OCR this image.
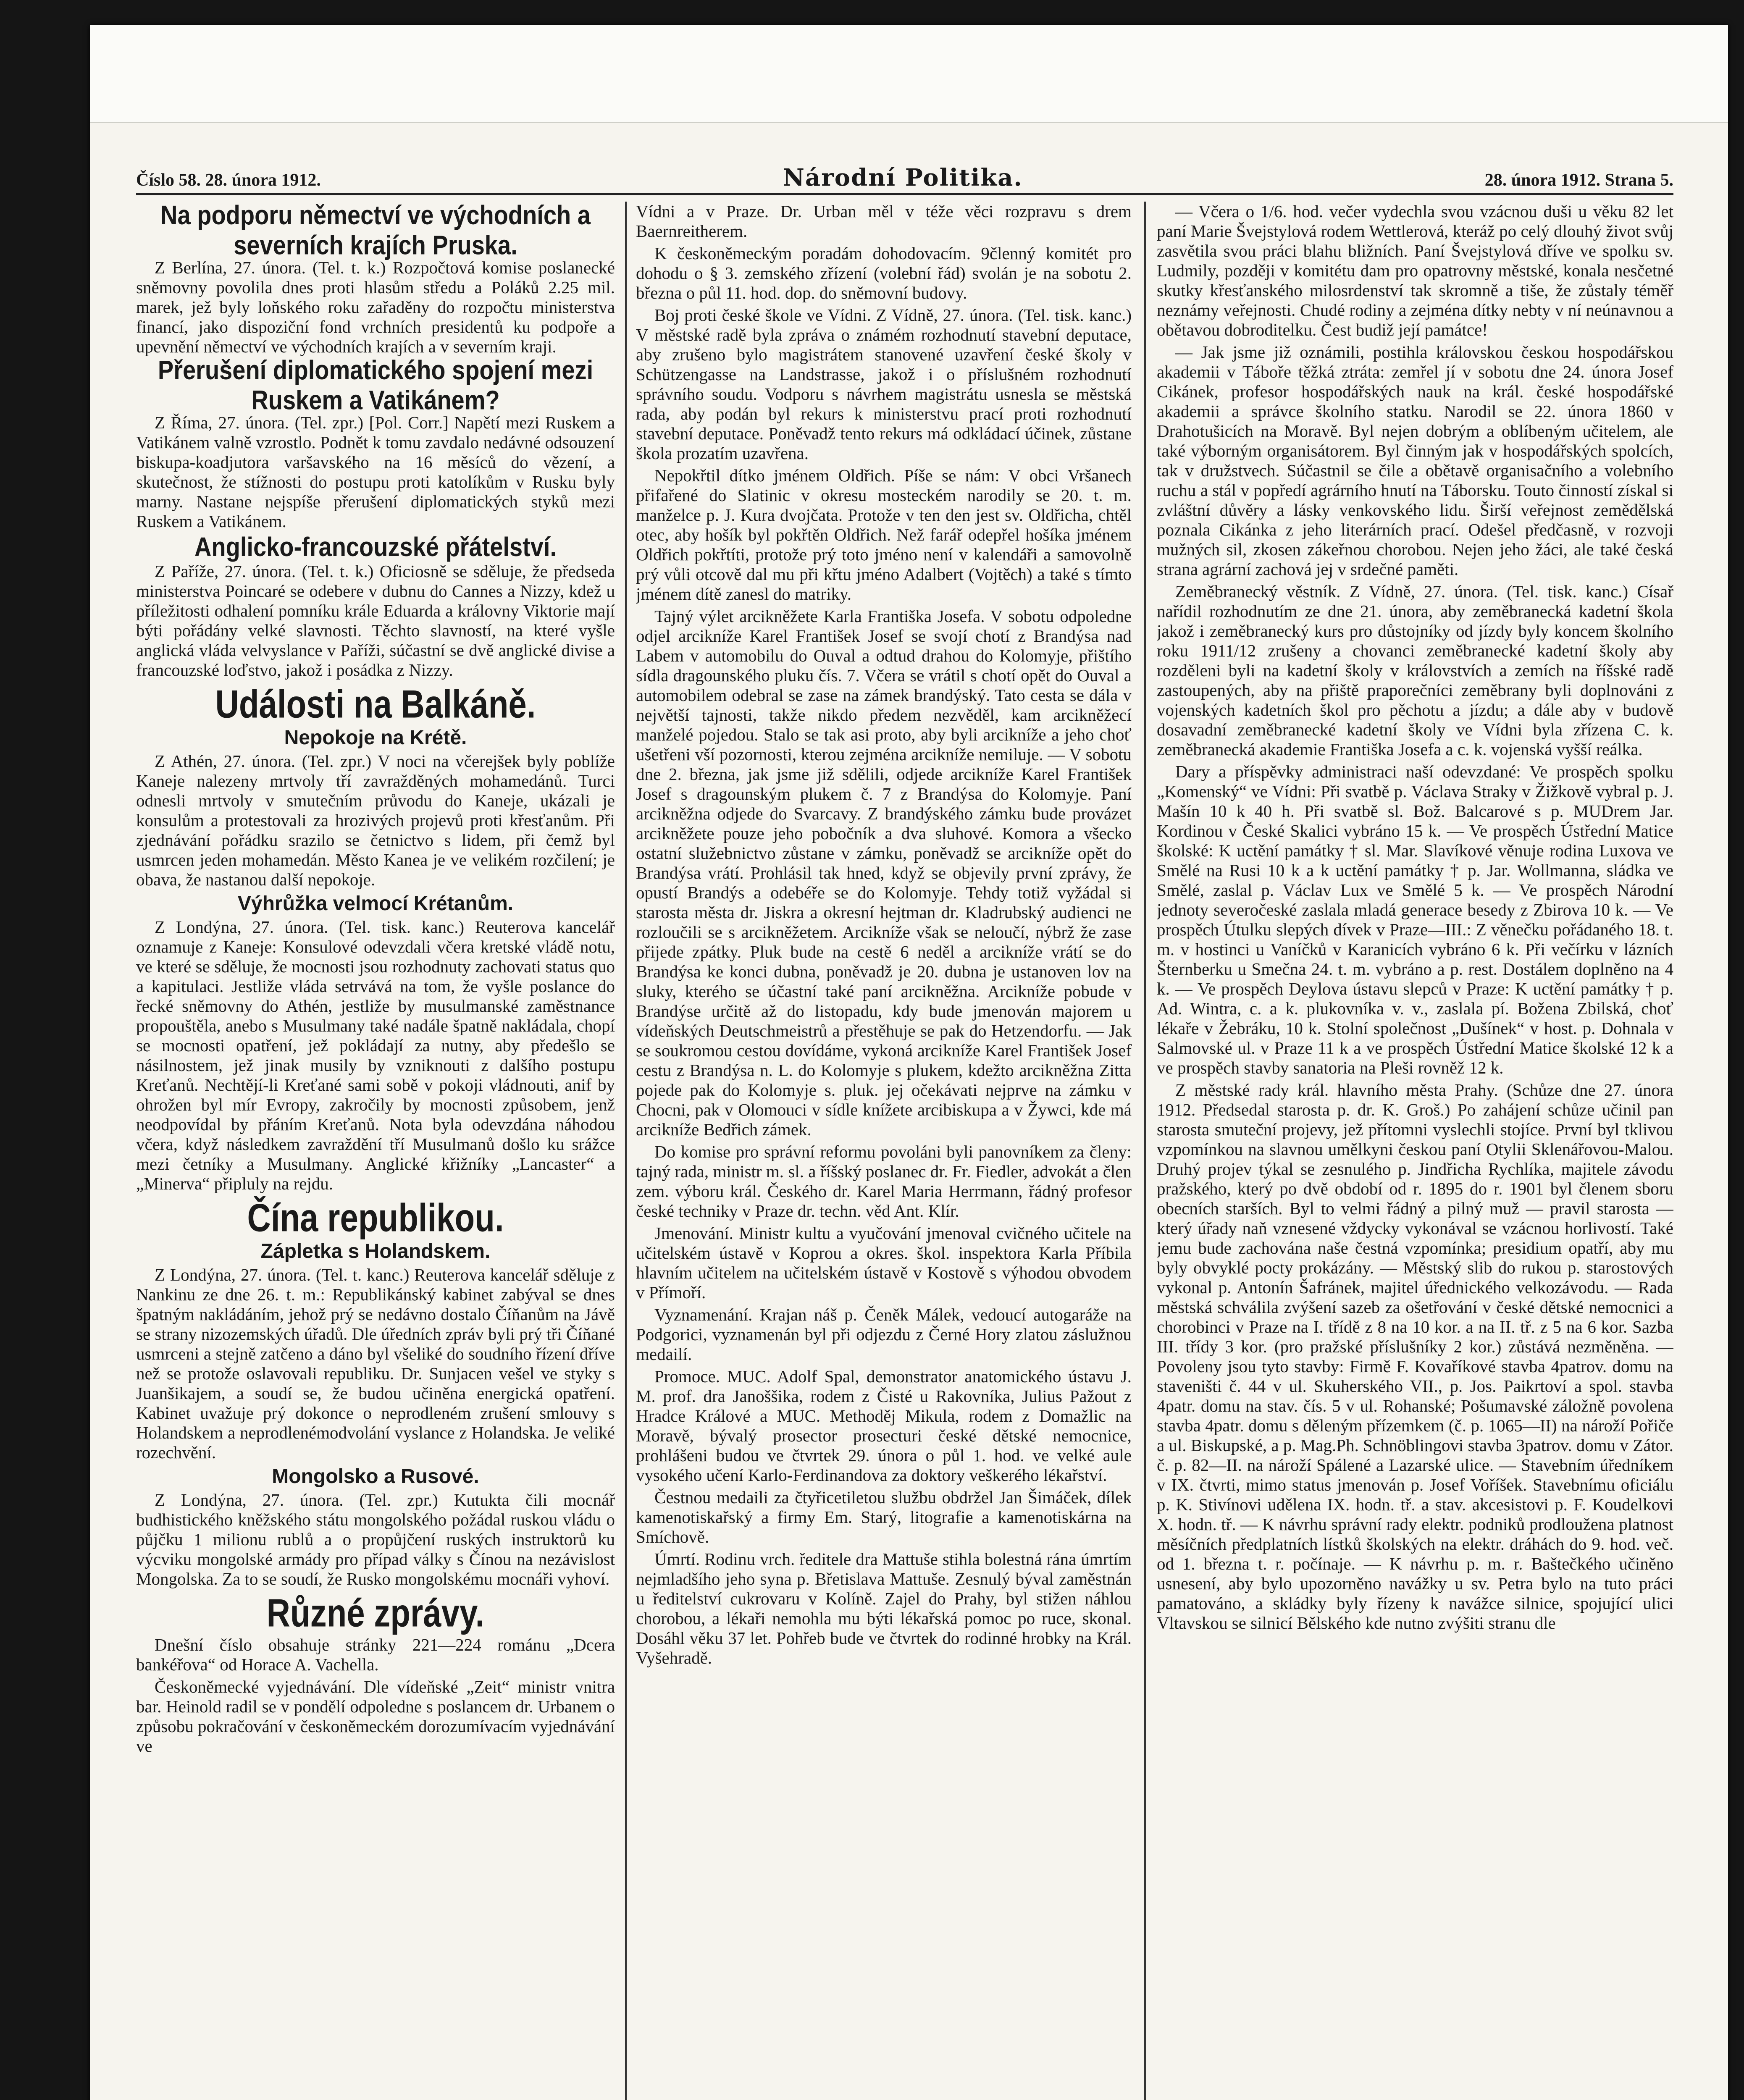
Číslo 58. 28. února 1912.	Národní Politika.	28. února 1912. Strana 5.
Na podporu němectví ve východních a severních krajích Pruska.

Z Berlína, 27. února. (Tel. t. k.) Rozpočtová komise poslanecké sněmovny povolila dnes proti hlasům středu a Poláků 2.25 mil. marek, jež byly loňského roku zařaděny do rozpočtu ministerstva financí, jako dispoziční fond vrchních presidentů ku podpoře a upevnění němectví ve východních krajích a v severním kraji.

Přerušení diplomatického spojení mezi Ruskem a Vatikánem?

Z Říma, 27. února. (Tel. zpr.) [Pol. Corr.] Napětí mezi Ruskem a Vatikánem valně vzrostlo. Podnět k tomu zavdalo nedávné odsouzení biskupa-koadjutora varšavského na 16 měsíců do vězení, a skutečnost, že stížnosti do postupu proti katolíkům v Rusku byly marny. Nastane nejspíše přerušení diplomatických styků mezi Ruskem a Vatikánem.

Anglicko-francouzské přátelství.

Z Paříže, 27. února. (Tel. t. k.) Oficiosně se sděluje, že předseda ministerstva Poincaré se odebere v dubnu do Cannes a Nizzy, kdež u příležitosti odhalení pomníku krále Eduarda a královny Viktorie mají býti pořádány velké slavnosti. Těchto slavností, na které vyšle anglická vláda velvyslance v Paříži, súčastní se dvě anglické divise a francouzské loďstvo, jakož i posádka z Nizzy.

Události na Balkáně.
Nepokoje na Krétě.

Z Athén, 27. února. (Tel. zpr.) V noci na včerejšek byly poblíže Kaneje nalezeny mrtvoly tří zavražděných mohamedánů. Turci odnesli mrtvoly v smutečním průvodu do Kaneje, ukázali je konsulům a protestovali za hrozivých projevů proti křesťanům. Při zjednávání pořádku srazilo se četnictvo s lidem, při čemž byl usmrcen jeden mohamedán. Město Kanea je ve velikém rozčilení; je obava, že nastanou další nepokoje.

Výhrůžka velmocí Krétanům.

Z Londýna, 27. února. (Tel. tisk. kanc.) Reuterova kancelář oznamuje z Kaneje: Konsulové odevzdali včera kretské vládě notu, ve které se sděluje, že mocnosti jsou rozhodnuty zachovati status quo a kapitulaci. Jestliže vláda setrvává na tom, že vyšle poslance do řecké sněmovny do Athén, jestliže by musulmanské zaměstnance propouštěla, anebo s Musulmany také nadále špatně nakládala, chopí se mocnosti opatření, jež pokládají za nutny, aby předešlo se násilnostem, jež jinak musily by vzniknouti z dalšího postupu Kreťanů. Nechtějí-li Kreťané sami sobě v pokoji vládnouti, anif by ohrožen byl mír Evropy, zakročily by mocnosti způsobem, jenž neodpovídal by přáním Kreťanů. Nota byla odevzdána náhodou včera, když následkem zavraždění tří Musulmanů došlo ku srážce mezi četníky a Musulmany. Anglické křižníky „Lancaster“ a „Minerva“ připluly na rejdu.

Čína republikou.
Zápletka s Holandskem.

Z Londýna, 27. února. (Tel. t. kanc.) Reuterova kancelář sděluje z Nankinu ze dne 26. t. m.: Republikánský kabinet zabýval se dnes špatným nakládáním, jehož prý se nedávno dostalo Číňanům na Jávě se strany nizozemských úřadů. Dle úředních zpráv byli prý tři Číňané usmrceni a stejně zatčeno a dáno byl všeliké do soudního řízení dříve než se protože oslavovali republiku. Dr. Sunjacen vešel ve styky s Juanšikajem, a soudí se, že budou učiněna energická opatření. Kabinet uvažuje prý dokonce o neprodleném zrušení smlouvy s Holandskem a neprodlenémodvolání vyslance z Holandska. Je veliké rozechvění.

Mongolsko a Rusové.

Z Londýna, 27. února. (Tel. zpr.) Kutukta čili mocnář budhistického kněžského státu mongolského požádal ruskou vládu o půjčku 1 milionu rublů a o propůjčení ruských instruktorů ku výcviku mongolské armády pro případ války s Čínou na nezávislost Mongolska. Za to se soudí, že Rusko mongolskému mocnáři vyhoví.

Různé zprávy.

Dnešní číslo obsahuje stránky 221—224 románu „Dcera bankéřova“ od Horace A. Vachella.

Českoněmecké vyjednávání. Dle vídeňské „Zeit“ ministr vnitra bar. Heinold radil se v pondělí odpoledne s poslancem dr. Urbanem o způsobu pokračování v českoněmeckém dorozumívacím vyjednávání ve

Vídni a v Praze. Dr. Urban měl v téže věci rozpravu s drem Baernreitherem.

K českoněmeckým poradám dohodovacím. 9členný komitét pro dohodu o § 3. zemského zřízení (volební řád) svolán je na sobotu 2. března o půl 11. hod. dop. do sněmovní budovy.

Boj proti české škole ve Vídni. Z Vídně, 27. února. (Tel. tisk. kanc.) V městské radě byla zpráva o známém rozhodnutí stavební deputace, aby zrušeno bylo magistrátem stanovené uzavření české školy v Schützengasse na Landstrasse, jakož i o příslušném rozhodnutí správního soudu. Vodporu s návrhem magistrátu usnesla se městská rada, aby podán byl rekurs k ministerstvu prací proti rozhodnutí stavební deputace. Poněvadž tento rekurs má odkládací účinek, zůstane škola prozatím uzavřena.

Nepokřtil dítko jménem Oldřich. Píše se nám: V obci Vršanech přifařené do Slatinic v okresu mosteckém narodily se 20. t. m. manželce p. J. Kura dvojčata. Protože v ten den jest sv. Oldřicha, chtěl otec, aby hošík byl pokřtěn Oldřich. Než farář odepřel hošíka jménem Oldřich pokřtíti, protože prý toto jméno není v kalendáři a samovolně prý vůli otcově dal mu při křtu jméno Adalbert (Vojtěch) a také s tímto jménem dítě zanesl do matriky.

Tajný výlet arcikněžete Karla Františka Josefa. V sobotu odpoledne odjel arcikníže Karel František Josef se svojí chotí z Brandýsa nad Labem v automobilu do Ouval a odtud drahou do Kolomyje, přištího sídla dragounského pluku čís. 7. Včera se vrátil s chotí opět do Ouval a automobilem odebral se zase na zámek brandýský. Tato cesta se dála v největší tajnosti, takže nikdo předem nezvěděl, kam arcikněžecí manželé pojedou. Stalo se tak asi proto, aby byli arcikníže a jeho choť ušetřeni vší pozornosti, kterou zejména arcikníže nemiluje. — V sobotu dne 2. března, jak jsme již sdělili, odjede arcikníže Karel František Josef s dragounským plukem č. 7 z Brandýsa do Kolomyje. Paní arcikněžna odjede do Svarcavy. Z brandýského zámku bude provázet arcikněžete pouze jeho pobočník a dva sluhové. Komora a všecko ostatní služebnictvo zůstane v zámku, poněvadž se arcikníže opět do Brandýsa vrátí. Prohlásil tak hned, když se objevily první zprávy, že opustí Brandýs a odebéře se do Kolomyje. Tehdy totiž vyžádal si starosta města dr. Jiskra a okresní hejtman dr. Kladrubský audienci ne rozloučili se s arcikněžetem. Arcikníže však se neloučí, nýbrž že zase přijede zpátky. Pluk bude na cestě 6 neděl a arcikníže vrátí se do Brandýsa ke konci dubna, poněvadž je 20. dubna je ustanoven lov na sluky, kterého se účastní také paní arcikněžna. Arcikníže pobude v Brandýse určitě až do listopadu, kdy bude jmenován majorem u vídeňských Deutschmeistrů a přestěhuje se pak do Hetzendorfu. — Jak se soukromou cestou dovídáme, vykoná arcikníže Karel František Josef cestu z Brandýsa n. L. do Kolomyje s plukem, kdežto arcikněžna Zitta pojede pak do Kolomyje s. pluk. jej očekávati nejprve na zámku v Chocni, pak v Olomouci v sídle knížete arcibiskupa a v Žywci, kde má arcikníže Bedřich zámek.

Do komise pro správní reformu povoláni byli panovníkem za členy: tajný rada, ministr m. sl. a říšský poslanec dr. Fr. Fiedler, advokát a člen zem. výboru král. Českého dr. Karel Maria Herrmann, řádný profesor české techniky v Praze dr. techn. věd Ant. Klír.

Jmenování. Ministr kultu a vyučování jmenoval cvičného učitele na učitelském ústavě v Koprou a okres. škol. inspektora Karla Příbila hlavním učitelem na učitelském ústavě v Kostově s výhodou obvodem v Přímoří.

Vyznamenání. Krajan náš p. Čeněk Málek, vedoucí autogaráže na Podgorici, vyznamenán byl při odjezdu z Černé Hory zlatou záslužnou medailí.

Promoce. MUC. Adolf Spal, demonstrator anatomického ústavu J. M. prof. dra Janoššika, rodem z Čisté u Rakovníka, Julius Pažout z Hradce Králové a MUC. Methoděj Mikula, rodem z Domažlic na Moravě, bývalý prosector prosecturi české dětské nemocnice, prohlášeni budou ve čtvrtek 29. února o půl 1. hod. ve velké aule vysokého učení Karlo-Ferdinandova za doktory veškerého lékařství.

Čestnou medaili za čtyřicetiletou službu obdržel Jan Šimáček, dílek kamenotiskařský a firmy Em. Starý, litografie a kamenotiskárna na Smíchově.

Úmrtí. Rodinu vrch. ředitele dra Mattuše stihla bolestná rána úmrtím nejmladšího jeho syna p. Břetislava Mattuše. Zesnulý býval zaměstnán u ředitelství cukrovaru v Kolíně. Zajel do Prahy, byl stižen náhlou chorobou, a lékaři nemohla mu býti lékařská pomoc po ruce, skonal. Dosáhl věku 37 let. Pohřeb bude ve čtvrtek do rodinné hrobky na Král. Vyšehradě.

— Včera o 1/6. hod. večer vydechla svou vzácnou duši u věku 82 let paní Marie Švejstylová rodem Wettlerová, kteráž po celý dlouhý život svůj zasvětila svou práci blahu bližních. Paní Švejstylová dříve ve spolku sv. Ludmily, později v komitétu dam pro opatrovny městské, konala nesčetné skutky křesťanského milosrdenství tak skromně a tiše, že zůstaly téměř neznámy veřejnosti. Chudé rodiny a zejména dítky nebty v ní neúnavnou a obětavou dobroditelku. Čest budiž její památce!

— Jak jsme již oznámili, postihla královskou českou hospodářskou akademii v Táboře těžká ztráta: zemřel jí v sobotu dne 24. února Josef Cikánek, profesor hospodářských nauk na král. české hospodářské akademii a správce školního statku. Narodil se 22. února 1860 v Drahotušicích na Moravě. Byl nejen dobrým a oblíbeným učitelem, ale také výborným organisátorem. Byl činným jak v hospodářských spolcích, tak v družstvech. Súčastnil se čile a obětavě organisačního a volebního ruchu a stál v popředí agrárního hnutí na Táborsku. Touto činností získal si zvláštní důvěry a lásky venkovského lidu. Širší veřejnost zemědělská poznala Cikánka z jeho literárních prací. Odešel předčasně, v rozvoji mužných sil, zkosen zákeřnou chorobou. Nejen jeho žáci, ale také česká strana agrární zachová jej v srdečné paměti.

Zeměbranecký věstník. Z Vídně, 27. února. (Tel. tisk. kanc.) Císař nařídil rozhodnutím ze dne 21. února, aby zeměbranecká kadetní škola jakož i zeměbranecký kurs pro důstojníky od jízdy byly koncem školního roku 1911/12 zrušeny a chovanci zeměbranecké kadetní školy aby rozděleni byli na kadetní školy v královstvích a zemích na říšské radě zastoupených, aby na přiště praporečníci zeměbrany byli doplnováni z vojenských kadetních škol pro pěchotu a jízdu; a dále aby v budově dosavadní zeměbranecké kadetní školy ve Vídni byla zřízena C. k. zeměbranecká akademie Františka Josefa a c. k. vojenská vyšší reálka.

Dary a příspěvky administraci naší odevzdané: Ve prospěch spolku „Komenský“ ve Vídni: Při svatbě p. Václava Straky v Žižkově vybral p. J. Mašín 10 k 40 h. Při svatbě sl. Bož. Balcarové s p. MUDrem Jar. Kordinou v České Skalici vybráno 15 k. — Ve prospěch Ústřední Matice školské: K uctění památky † sl. Mar. Slavíkové věnuje rodina Luxova ve Smělé na Rusi 10 k a k uctění památky † p. Jar. Wollmanna, sládka ve Smělé, zaslal p. Václav Lux ve Smělé 5 k. — Ve prospěch Národní jednoty severočeské zaslala mladá generace besedy z Zbirova 10 k. — Ve prospěch Útulku slepých dívek v Praze—III.: Z věnečku pořádaného 18. t. m. v hostinci u Vaníčků v Karanicích vybráno 6 k. Při večírku v lázních Šternberku u Smečna 24. t. m. vybráno a p. rest. Dostálem doplněno na 4 k. — Ve prospěch Deylova ústavu slepců v Praze: K uctění památky † p. Ad. Wintra, c. a k. plukovníka v. v., zaslala pí. Božena Zbilská, choť lékaře v Žebráku, 10 k. Stolní společnost „Dušínek“ v host. p. Dohnala v Salmovské ul. v Praze 11 k a ve prospěch Ústřední Matice školské 12 k a ve prospěch stavby sanatoria na Pleši rovněž 12 k.

Z městské rady král. hlavního města Prahy. (Schůze dne 27. února 1912. Předsedal starosta p. dr. K. Groš.) Po zahájení schůze učinil pan starosta smuteční projevy, jež přítomni vyslechli stojíce. První byl tklivou vzpomínkou na slavnou umělkyni českou paní Otylii Sklenářovou-Malou. Druhý projev týkal se zesnulého p. Jindřicha Rychlíka, majitele závodu pražského, který po dvě období od r. 1895 do r. 1901 byl členem sboru obecních starších. Byl to velmi řádný a pilný muž — pravil starosta — který úřady naň vznesené vždycky vykonával se vzácnou horlivostí. Také jemu bude zachována naše čestná vzpomínka; presidium opatří, aby mu byly obvyklé pocty prokázány. — Městský slib do rukou p. starostových vykonal p. Antonín Šafránek, majitel úřednického velkozávodu. — Rada městská schválila zvýšení sazeb za ošetřování v české dětské nemocnici a chorobinci v Praze na I. třídě z 8 na 10 kor. a na II. tř. z 5 na 6 kor. Sazba III. třídy 3 kor. (pro pražské příslušníky 2 kor.) zůstává nezměněna. — Povoleny jsou tyto stavby: Firmě F. Kovaříkové stavba 4patrov. domu na staveništi č. 44 v ul. Skuherského VII., p. Jos. Paikrtoví a spol. stavba 4patr. domu na stav. čís. 5 v ul. Rohanské; Pošumavské záložně povolena stavba 4patr. domu s děleným přízemkem (č. p. 1065—II) na nároží Pořiče a ul. Biskupské, a p. Mag.Ph. Schnöblingovi stavba 3patrov. domu v Zátor. č. p. 82—II. na nároží Spálené a Lazarské ulice. — Stavebním úředníkem v IX. čtvrti, mimo status jmenován p. Josef Voříšek. Stavebnímu oficiálu p. K. Stivínovi udělena IX. hodn. tř. a stav. akcesistovi p. F. Koudelkovi X. hodn. tř. — K návrhu správní rady elektr. podniků prodloužena platnost měsíčních předplatních lístků školských na elektr. dráhách do 9. hod. več. od 1. března t. r. počínaje. — K návrhu p. m. r. Baštečkého učiněno usnesení, aby bylo upozorněno navážky u sv. Petra bylo na tuto práci pamatováno, a skládky byly řízeny k navážce silnice, spojující ulici Vltavskou se silnicí Bělského kde nutno zvýšiti stranu dle
